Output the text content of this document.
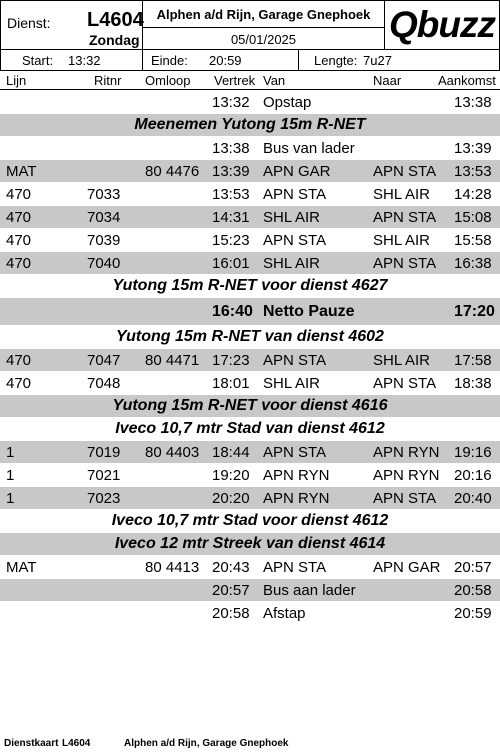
Dienst: L4604
Zondag
Alphen a/d Rijn, Garage Gnephoek
05/01/2025	Qbuzz
Start: 13:32	Einde: 20:59	Lengte: 7u27
Lijn	Ritnr Omloop Vertrek Van	Naar	Aankomst
13:32 Opstap	13:38
Meenemen Yutong 15m R-NET
13:38 Bus van lader	13:39
MAT	80 4476 13:39 APN GAR	APN STA 13:53
470	7033	13:53 APN STA	SHL AIR 14:28
470	7034	14:31 SHL AIR	APN STA 15:08
470	7039	15:23 APN STA	SHL AIR 15:58
470	7040	16:01 SHL AIR	APN STA 16:38
Yutong 15m R-NET voor dienst 4627
16:40 Netto Pauze	17:20
Yutong 15m R-NET van dienst 4602
470	7047 80 4471 17:23 APN STA	SHL AIR 17:58
470	7048	18:01 SHL AIR	APN STA 18:38
Yutong 15m R-NET voor dienst 4616
Iveco 10,7 mtr Stad van dienst 4612
1	7019 80 4403 18:44 APN STA	APN RYN 19:16
1	7021	19:20 APN RYN	APN RYN 20:16
1	7023	20:20 APN RYN	APN STA 20:40
Iveco 10,7 mtr Stad voor dienst 4612
Iveco 12 mtr Streek van dienst 4614
MAT	80 4413 20:43 APN STA	APN GAR 20:57
20:57 Bus aan lader	20:58
20:58 Afstap	20:59
Dienstkaart L4604	Alphen a/d Rijn, Garage Gnephoek
